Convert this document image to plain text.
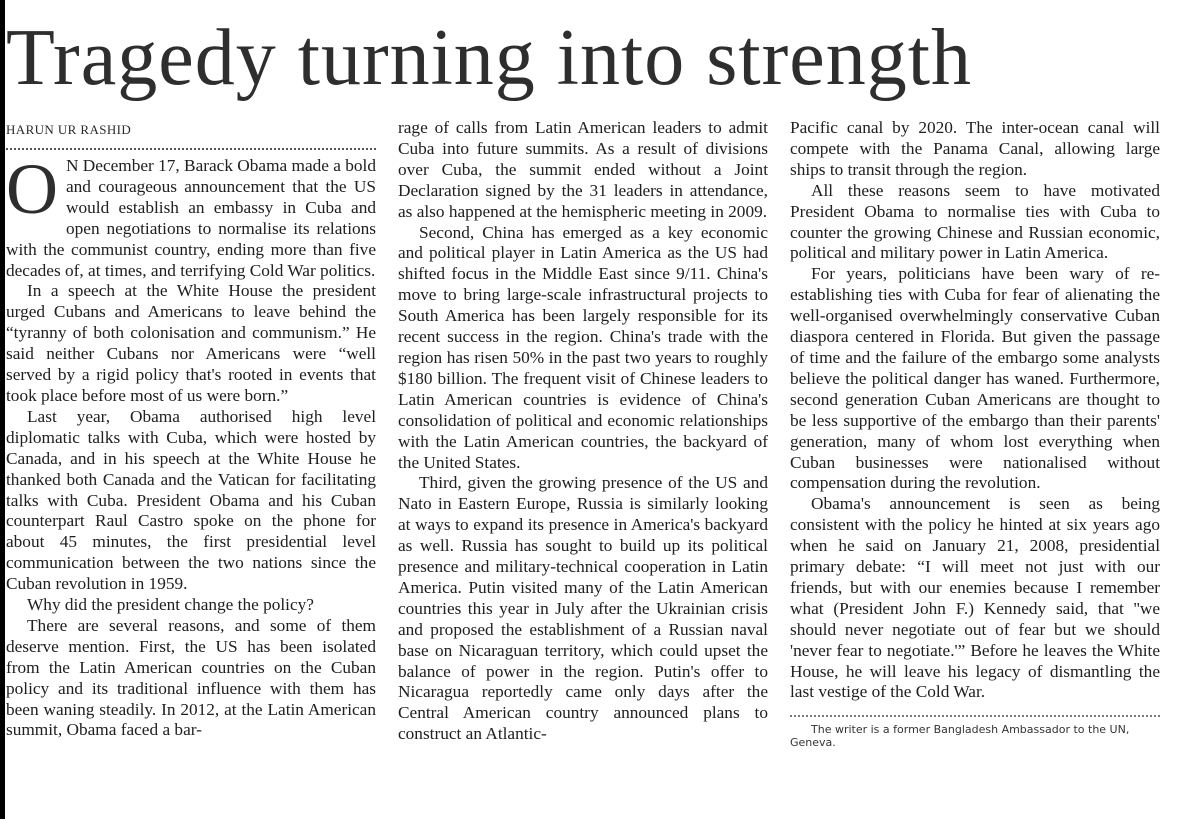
Tragedy turning into strength
HARUN UR RASHID

O N December 17, Barack Obama made a bold and courageous announcement that the US would establish an embassy in Cuba and open negotiations to normalise its relations with the communist country, ending more than five decades of, at times, and terrifying Cold War politics.

In a speech at the White House the president urged Cubans and Americans to leave behind the “tyranny of both colonisation and communism.” He said neither Cubans nor Americans were “well served by a rigid policy that's rooted in events that took place before most of us were born.”

Last year, Obama authorised high level diplomatic talks with Cuba, which were hosted by Canada, and in his speech at the White House he thanked both Canada and the Vatican for facilitating talks with Cuba. President Obama and his Cuban counterpart Raul Castro spoke on the phone for about 45 minutes, the first presidential level communication between the two nations since the Cuban revolution in 1959.

Why did the president change the policy?

There are several reasons, and some of them deserve mention. First, the US has been isolated from the Latin American countries on the Cuban policy and its traditional influence with them has been waning steadily. In 2012, at the Latin American summit, Obama faced a bar-

rage of calls from Latin American leaders to admit Cuba into future summits. As a result of divisions over Cuba, the summit ended without a Joint Declaration signed by the 31 leaders in attendance, as also happened at the hemispheric meeting in 2009.

Second, China has emerged as a key economic and political player in Latin America as the US had shifted focus in the Middle East since 9/11. China's move to bring large-scale infrastructural projects to South America has been largely responsible for its recent success in the region. China's trade with the region has risen 50% in the past two years to roughly $180 billion. The frequent visit of Chinese leaders to Latin American countries is evidence of China's consolidation of political and economic relationships with the Latin American countries, the backyard of the United States.

Third, given the growing presence of the US and Nato in Eastern Europe, Russia is similarly looking at ways to expand its presence in America's backyard as well. Russia has sought to build up its political presence and military-technical cooperation in Latin America. Putin visited many of the Latin American countries this year in July after the Ukrainian crisis and proposed the establishment of a Russian naval base on Nicaraguan territory, which could upset the balance of power in the region. Putin's offer to Nicaragua reportedly came only days after the Central American country announced plans to construct an Atlantic-

Pacific canal by 2020. The inter-ocean canal will compete with the Panama Canal, allowing large ships to transit through the region.

All these reasons seem to have motivated President Obama to normalise ties with Cuba to counter the growing Chinese and Russian economic, political and military power in Latin America.

For years, politicians have been wary of re-establishing ties with Cuba for fear of alienating the well-organised overwhelmingly conservative Cuban diaspora centered in Florida. But given the passage of time and the failure of the embargo some analysts believe the political danger has waned. Furthermore, second generation Cuban Americans are thought to be less supportive of the embargo than their parents' generation, many of whom lost everything when Cuban businesses were nationalised without compensation during the revolution.

Obama's announcement is seen as being consistent with the policy he hinted at six years ago when he said on January 21, 2008, presidential primary debate: “I will meet not just with our friends, but with our enemies because I remember what (President John F.) Kennedy said, that ''we should never negotiate out of fear but we should 'never fear to negotiate.'” Before he leaves the White House, he will leave his legacy of dismantling the last vestige of the Cold War.

The writer is a former Bangladesh Ambassador to the UN, Geneva.
